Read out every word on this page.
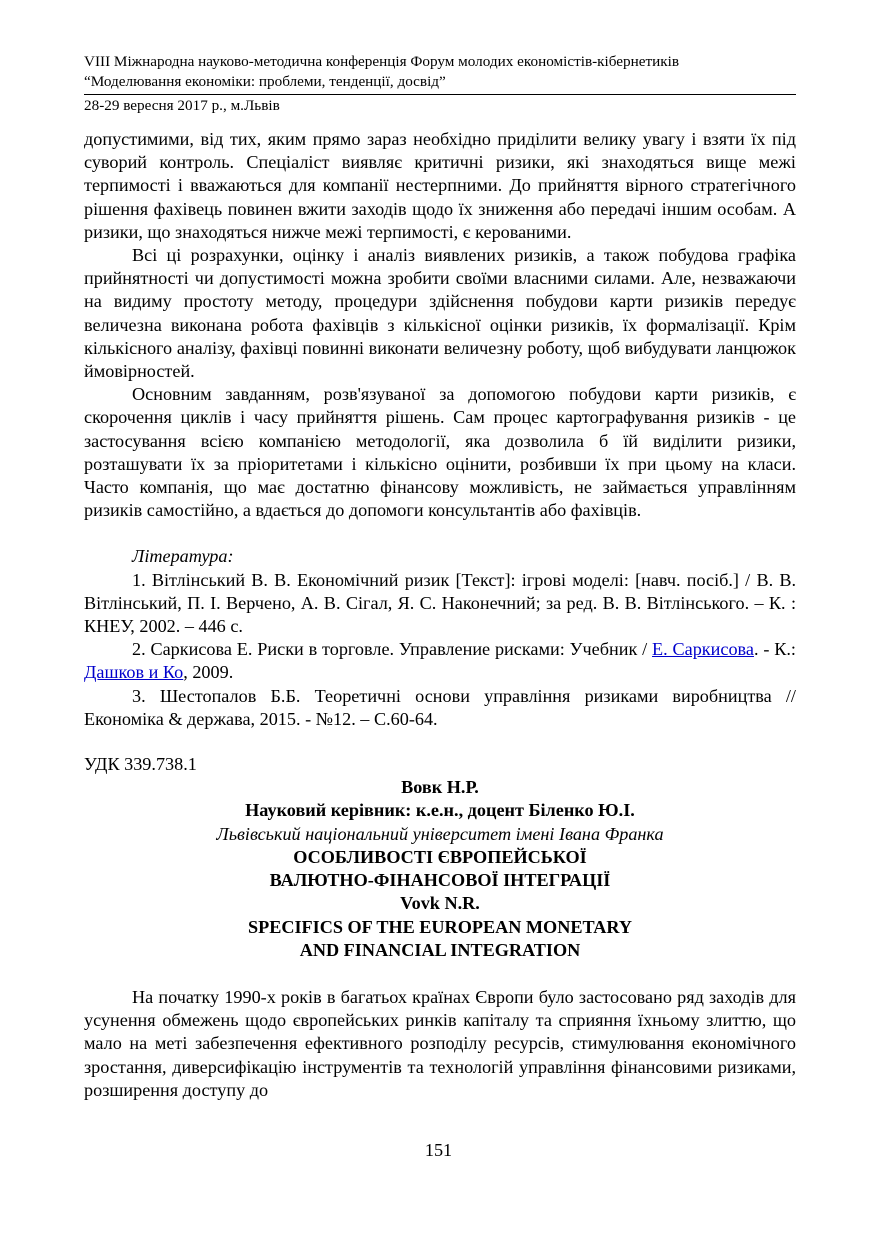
VIII Міжнародна науково-методична конференція Форум молодих економістів-кібернетиків
“Моделювання економіки: проблеми, тенденції, досвід”
28-29 вересня 2017 р., м.Львів

допустимими, від тих, яким прямо зараз необхідно приділити велику увагу і взяти їх під суворий контроль. Спеціаліст виявляє критичні ризики, які знаходяться вище межі терпимості і вважаються для компанії нестерпними. До прийняття вірного стратегічного рішення фахівець повинен вжити заходів щодо їх зниження або передачі іншим особам. А ризики, що знаходяться нижче межі терпимості, є керованими.

Всі ці розрахунки, оцінку і аналіз виявлених ризиків, а також побудова графіка прийнятності чи допустимості можна зробити своїми власними силами. Але, незважаючи на видиму простоту методу, процедури здійснення побудови карти ризиків передує величезна виконана робота фахівців з кількісної оцінки ризиків, їх формалізації. Крім кількісного аналізу, фахівці повинні виконати величезну роботу, щоб вибудувати ланцюжок ймовірностей.

Основним завданням, розв'язуваної за допомогою побудови карти ризиків, є скорочення циклів і часу прийняття рішень. Сам процес картографування ризиків - це застосування всією компанією методології, яка дозволила б їй виділити ризики, розташувати їх за пріоритетами і кількісно оцінити, розбивши їх при цьому на класи. Часто компанія, що має достатню фінансову можливість, не займається управлінням ризиків самостійно, а вдається до допомоги консультантів або фахівців.

Література:

1. Вітлінський В. В. Економічний ризик [Текст]: ігрові моделі: [навч. посіб.] / В. В. Вітлінський, П. І. Верчено, А. В. Сігал, Я. С. Наконечний; за ред. В. В. Вітлінського. – К. : КНЕУ, 2002. – 446 с.

2. Саркисова Е. Риски в торговле. Управление рисками: Учебник / Е. Саркисова. - К.: Дашков и Ко, 2009.

3. Шестопалов Б.Б. Теоретичні основи управління ризиками виробництва // Економіка & держава, 2015. - №12. – С.60-64.

УДК 339.738.1

Вовк Н.Р.

Науковий керівник: к.е.н., доцент Біленко Ю.І.

Львівський національний університет імені Івана Франка

ОСОБЛИВОСТІ ЄВРОПЕЙСЬКОЇ

ВАЛЮТНО-ФІНАНСОВОЇ ІНТЕГРАЦІЇ

Vovk N.R.

SPECIFICS OF THE EUROPEAN MONETARY

AND FINANCIAL INTEGRATION

На початку 1990-х років в багатьох країнах Європи було застосовано ряд заходів для усунення обмежень щодо європейських ринків капіталу та сприяння їхньому злиттю, що мало на меті забезпечення ефективного розподілу ресурсів, стимулювання економічного зростання, диверсифікацію інструментів та технологій управління фінансовими ризиками, розширення доступу до

151
